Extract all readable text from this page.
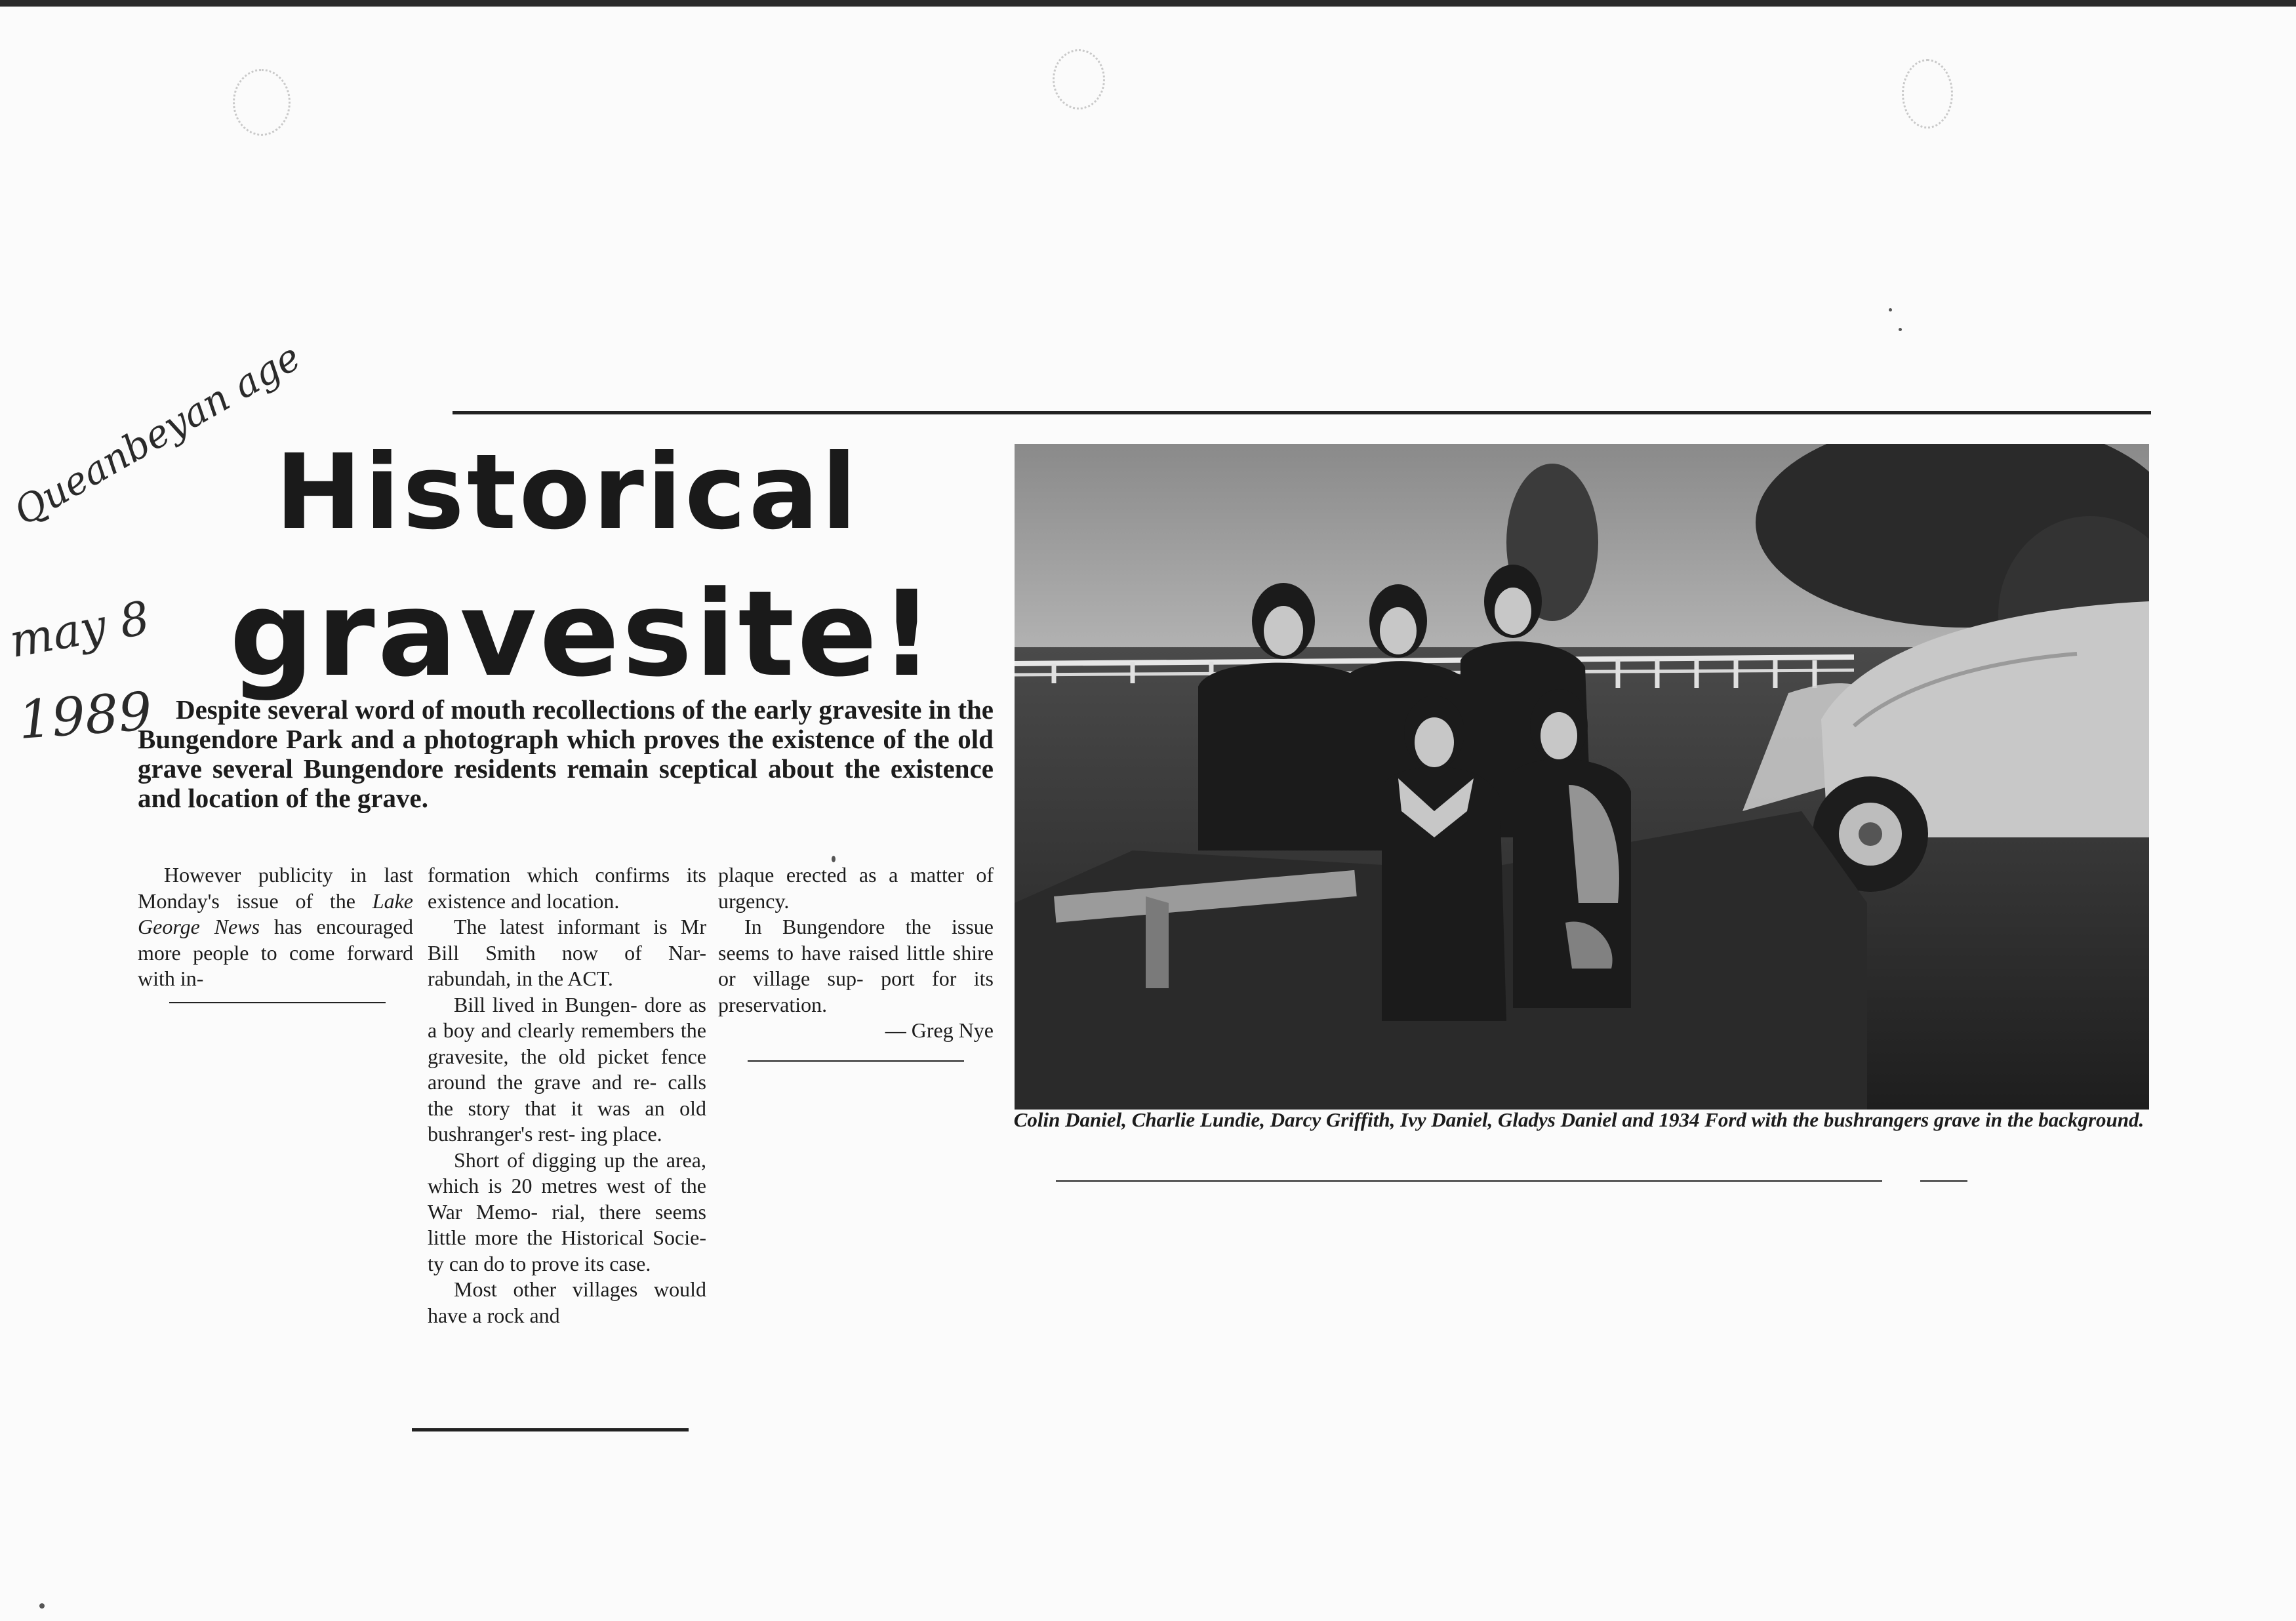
Queanbeyan age
may 8
1989
Historical
gravesite!
Despite several word of mouth recollections of the early gravesite in the Bungendore Park and a photograph which proves the existence of the old grave several Bungendore residents remain sceptical about the existence and location of the grave.

However publicity in last Monday's issue of the Lake George News has encouraged more people to come forward with in-

formation which confirms its existence and location.

The latest informant is Mr Bill Smith now of Nar- rabundah, in the ACT.

Bill lived in Bungen- dore as a boy and clearly remembers the gravesite, the old picket fence around the grave and re- calls the story that it was an old bushranger's rest- ing place.

Short of digging up the area, which is 20 metres west of the War Memo- rial, there seems little more the Historical Socie- ty can do to prove its case.

Most other villages would have a rock and

plaque erected as a matter of urgency.

In Bungendore the issue seems to have raised little shire or village sup- port for its preservation.

— Greg Nye

Colin Daniel, Charlie Lundie, Darcy Griffith, Ivy Daniel, Gladys Daniel and 1934 Ford with the bushrangers grave in the background.
